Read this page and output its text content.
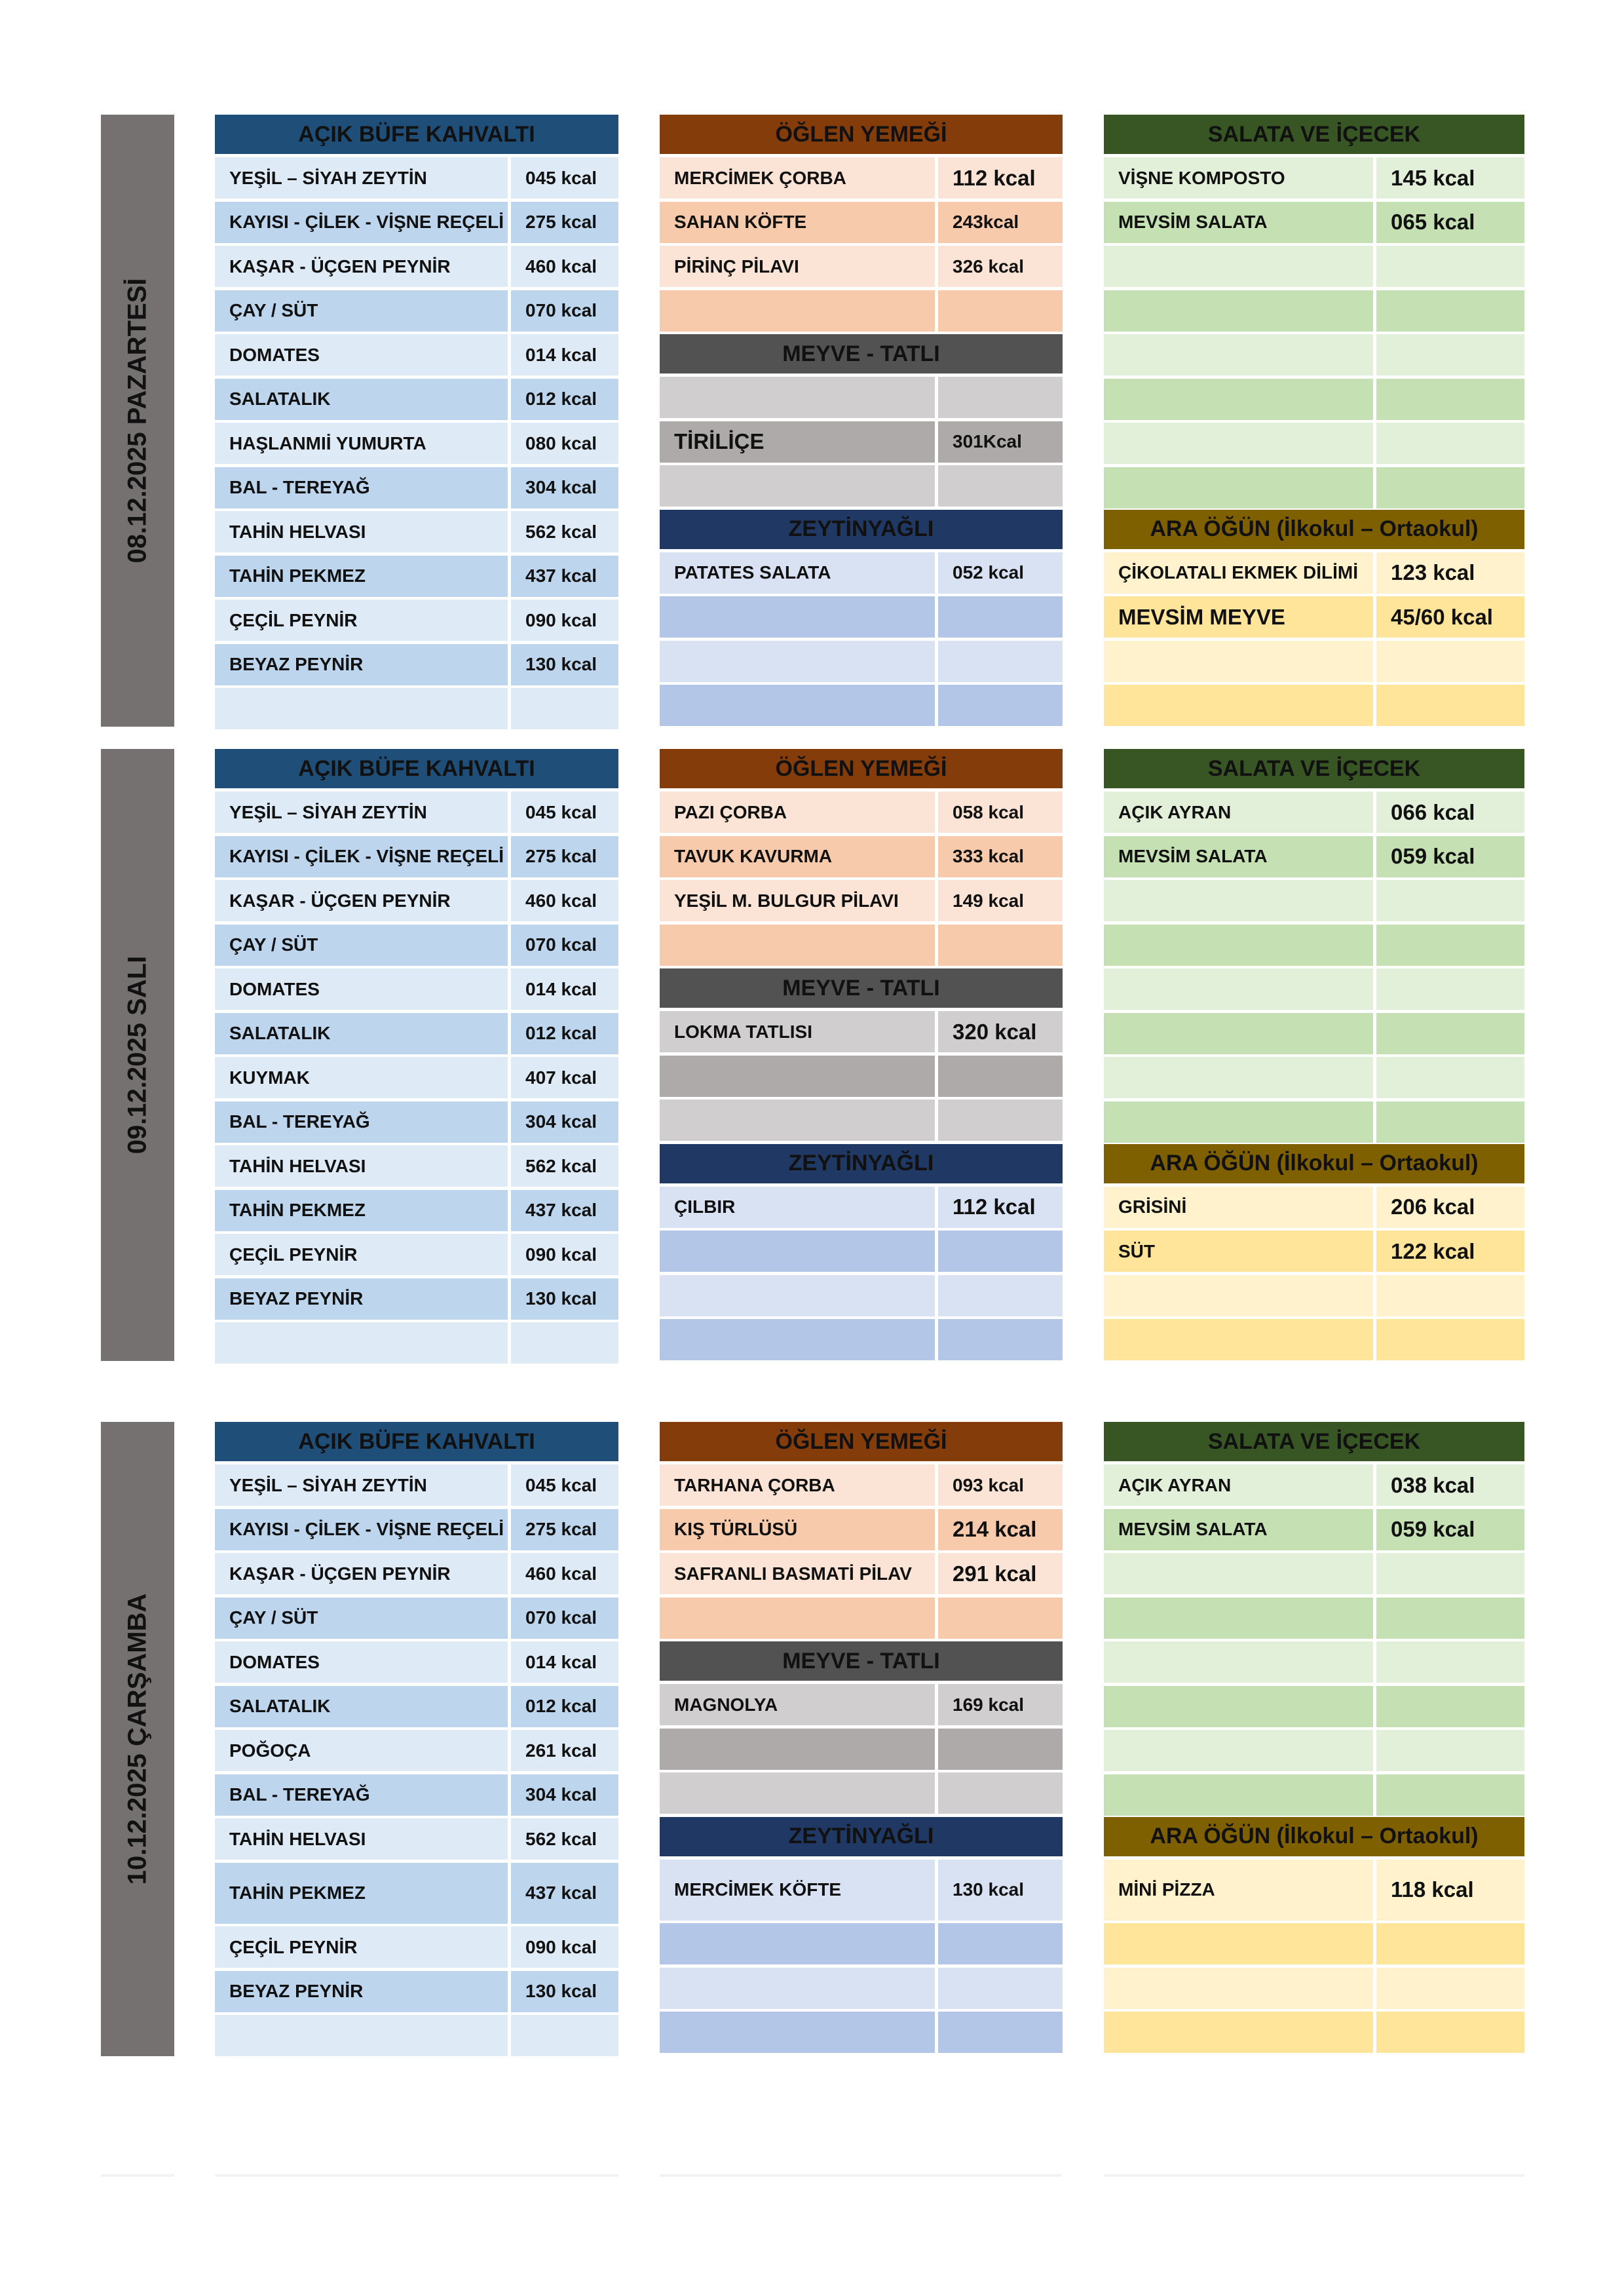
08.12.2025 PAZARTESİ
AÇIK BÜFE KAHVALTI
YEŞİL – SİYAH ZEYTİN	045 kcal
KAYISI - ÇİLEK - VİŞNE REÇELİ	275 kcal
KAŞAR - ÜÇGEN PEYNİR	460 kcal
ÇAY / SÜT	070 kcal
DOMATES	014 kcal
SALATALIK	012 kcal
HAŞLANMIİ YUMURTA	080 kcal
BAL - TEREYAĞ	304 kcal
TAHİN HELVASI	562 kcal
TAHİN PEKMEZ	437 kcal
ÇEÇİL PEYNİR	090 kcal
BEYAZ PEYNİR	130 kcal
ÖĞLEN YEMEĞİ
MERCİMEK ÇORBA	112 kcal
SAHAN KÖFTE	243kcal
PİRİNÇ PİLAVI	326 kcal
MEYVE - TATLI
TİRİLİÇE	301Kcal
ZEYTİNYAĞLI
PATATES SALATA	052 kcal
SALATA VE İÇECEK
VİŞNE KOMPOSTO	145 kcal
MEVSİM SALATA	065 kcal
ARA ÖĞÜN (İlkokul – Ortaokul)
ÇİKOLATALI EKMEK DİLİMİ	123 kcal
MEVSİM MEYVE	45/60 kcal
09.12.2025 SALI
AÇIK BÜFE KAHVALTI
YEŞİL – SİYAH ZEYTİN	045 kcal
KAYISI - ÇİLEK - VİŞNE REÇELİ	275 kcal
KAŞAR - ÜÇGEN PEYNİR	460 kcal
ÇAY / SÜT	070 kcal
DOMATES	014 kcal
SALATALIK	012 kcal
KUYMAK	407 kcal
BAL - TEREYAĞ	304 kcal
TAHİN HELVASI	562 kcal
TAHİN PEKMEZ	437 kcal
ÇEÇİL PEYNİR	090 kcal
BEYAZ PEYNİR	130 kcal
ÖĞLEN YEMEĞİ
PAZI ÇORBA	058 kcal
TAVUK KAVURMA	333 kcal
YEŞİL M. BULGUR PİLAVI	149 kcal
MEYVE - TATLI
LOKMA TATLISI	320 kcal
ZEYTİNYAĞLI
ÇILBIR	112 kcal
SALATA VE İÇECEK
AÇIK AYRAN	066 kcal
MEVSİM SALATA	059 kcal
ARA ÖĞÜN (İlkokul – Ortaokul)
GRİSİNİ	206 kcal
SÜT	122 kcal
10.12.2025 ÇARŞAMBA
AÇIK BÜFE KAHVALTI
YEŞİL – SİYAH ZEYTİN	045 kcal
KAYISI - ÇİLEK - VİŞNE REÇELİ	275 kcal
KAŞAR - ÜÇGEN PEYNİR	460 kcal
ÇAY / SÜT	070 kcal
DOMATES	014 kcal
SALATALIK	012 kcal
POĞOÇA	261 kcal
BAL - TEREYAĞ	304 kcal
TAHİN HELVASI	562 kcal
TAHİN PEKMEZ	437 kcal
ÇEÇİL PEYNİR	090 kcal
BEYAZ PEYNİR	130 kcal
ÖĞLEN YEMEĞİ
TARHANA ÇORBA	093 kcal
KIŞ TÜRLÜSÜ	214 kcal
SAFRANLI BASMATİ PİLAV	291 kcal
MEYVE - TATLI
MAGNOLYA	169 kcal
ZEYTİNYAĞLI
MERCİMEK KÖFTE	130 kcal
SALATA VE İÇECEK
AÇIK AYRAN	038 kcal
MEVSİM SALATA	059 kcal
ARA ÖĞÜN (İlkokul – Ortaokul)
MİNİ PİZZA	118 kcal
